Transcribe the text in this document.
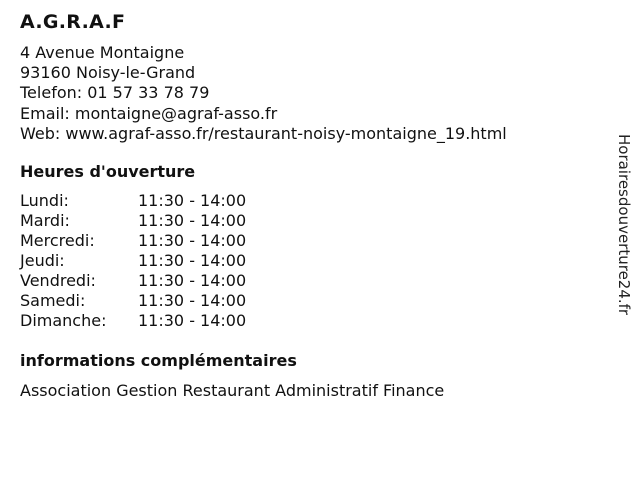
A.G.R.A.F
4 Avenue Montaigne
93160 Noisy-le-Grand
Telefon: 01 57 33 78 79
Email: montaigne@agraf-asso.fr
Web: www.agraf-asso.fr/restaurant-noisy-montaigne_19.html
Heures d'ouverture
Lundi:	11:30 - 14:00
Mardi:	11:30 - 14:00
Mercredi:	11:30 - 14:00
Jeudi:	11:30 - 14:00
Vendredi:	11:30 - 14:00
Samedi:	11:30 - 14:00
Dimanche:	11:30 - 14:00
informations complémentaires
Association Gestion Restaurant Administratif Finance
Horairesdouverture24.fr
